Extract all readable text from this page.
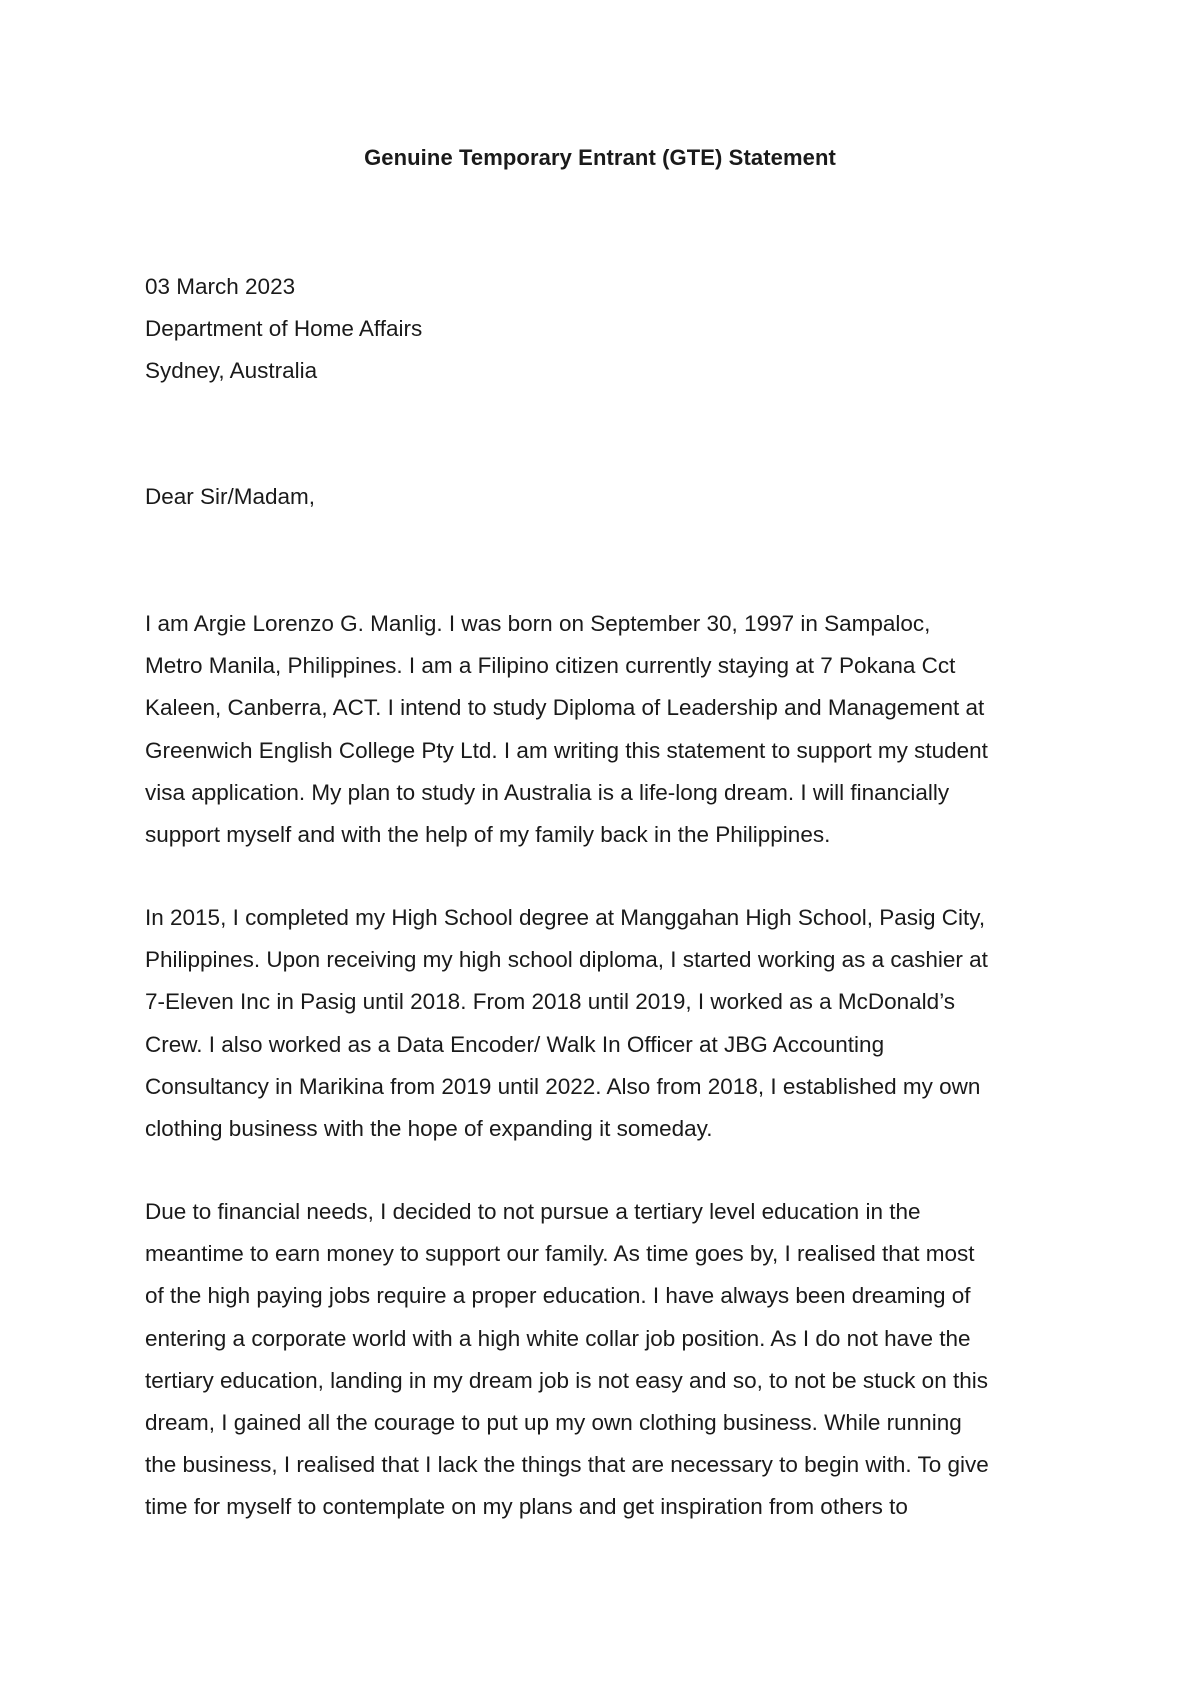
Genuine Temporary Entrant (GTE) Statement
03 March 2023
Department of Home Affairs
Sydney, Australia
Dear Sir/Madam,
I am Argie Lorenzo G. Manlig. I was born on September 30, 1997 in Sampaloc,
Metro Manila, Philippines. I am a Filipino citizen currently staying at 7 Pokana Cct
Kaleen, Canberra, ACT. I intend to study Diploma of Leadership and Management at
Greenwich English College Pty Ltd. I am writing this statement to support my student
visa application. My plan to study in Australia is a life-long dream. I will financially
support myself and with the help of my family back in the Philippines.
In 2015, I completed my High School degree at Manggahan High School, Pasig City,
Philippines. Upon receiving my high school diploma, I started working as a cashier at
7-Eleven Inc in Pasig until 2018. From 2018 until 2019, I worked as a McDonald’s
Crew. I also worked as a Data Encoder/ Walk In Officer at JBG Accounting
Consultancy in Marikina from 2019 until 2022. Also from 2018, I established my own
clothing business with the hope of expanding it someday.
Due to financial needs, I decided to not pursue a tertiary level education in the
meantime to earn money to support our family. As time goes by, I realised that most
of the high paying jobs require a proper education. I have always been dreaming of
entering a corporate world with a high white collar job position. As I do not have the
tertiary education, landing in my dream job is not easy and so, to not be stuck on this
dream, I gained all the courage to put up my own clothing business. While running
the business, I realised that I lack the things that are necessary to begin with. To give
time for myself to contemplate on my plans and get inspiration from others to
